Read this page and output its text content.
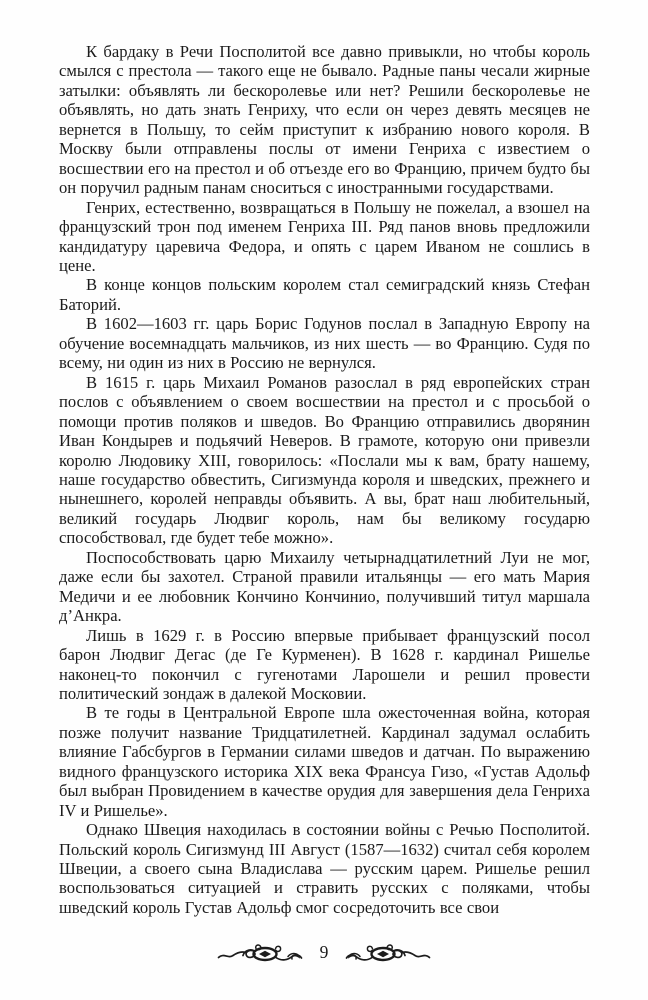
К бардаку в Речи Посполитой все давно привыкли, но чтобы король смылся с престола — такого еще не бывало. Радные паны чесали жирные затылки: объявлять ли бескоролевье или нет? Решили бескоролевье не объявлять, но дать знать Генриху, что если он через девять месяцев не вернется в Польшу, то сейм приступит к избранию нового короля. В Москву были отправлены послы от имени Генриха с известием о восшествии его на престол и об отъезде его во Францию, причем будто бы он поручил радным панам сноситься с иностранными государствами.

Генрих, естественно, возвращаться в Польшу не пожелал, а взошел на французский трон под именем Генриха III. Ряд панов вновь предложили кандидатуру царевича Федора, и опять с царем Иваном не сошлись в цене.

В конце концов польским королем стал семиградский князь Стефан Баторий.

В 1602—1603 гг. царь Борис Годунов послал в Западную Европу на обучение восемнадцать мальчиков, из них шесть — во Францию. Судя по всему, ни один из них в Россию не вернулся.

В 1615 г. царь Михаил Романов разослал в ряд европейских стран послов с объявлением о своем восшествии на престол и с просьбой о помощи против поляков и шведов. Во Францию отправились дворянин Иван Кондырев и подьячий Неверов. В грамоте, которую они привезли королю Людовику XIII, говорилось: «Послали мы к вам, брату нашему, наше государство обвестить, Сигизмунда короля и шведских, прежнего и нынешнего, королей неправды объявить. А вы, брат наш любительный, великий государь Людвиг король, нам бы великому государю способствовал, где будет тебе можно».

Поспособствовать царю Михаилу четырнадцатилетний Луи не мог, даже если бы захотел. Страной правили итальянцы — его мать Мария Медичи и ее любовник Кончино Кончинио, получивший титул маршала д’Анкра.

Лишь в 1629 г. в Россию впервые прибывает французский посол барон Людвиг Дегас (де Ге Курменен). В 1628 г. кардинал Ришелье наконец-то покончил с гугенотами Ларошели и решил провести политический зондаж в далекой Московии.

В те годы в Центральной Европе шла ожесточенная война, которая позже получит название Тридцатилетней. Кардинал задумал ослабить влияние Габсбургов в Германии силами шведов и датчан. По выражению видного французского историка XIX века Франсуа Гизо, «Густав Адольф был выбран Провидением в качестве орудия для завершения дела Генриха IV и Ришелье».

Однако Швеция находилась в состоянии войны с Речью Посполитой. Польский король Сигизмунд III Август (1587—1632) считал себя королем Швеции, а своего сына Владислава — русским царем. Ришелье решил воспользоваться ситуацией и стравить русских с поляками, чтобы шведский король Густав Адольф смог сосредоточить все свои

9
